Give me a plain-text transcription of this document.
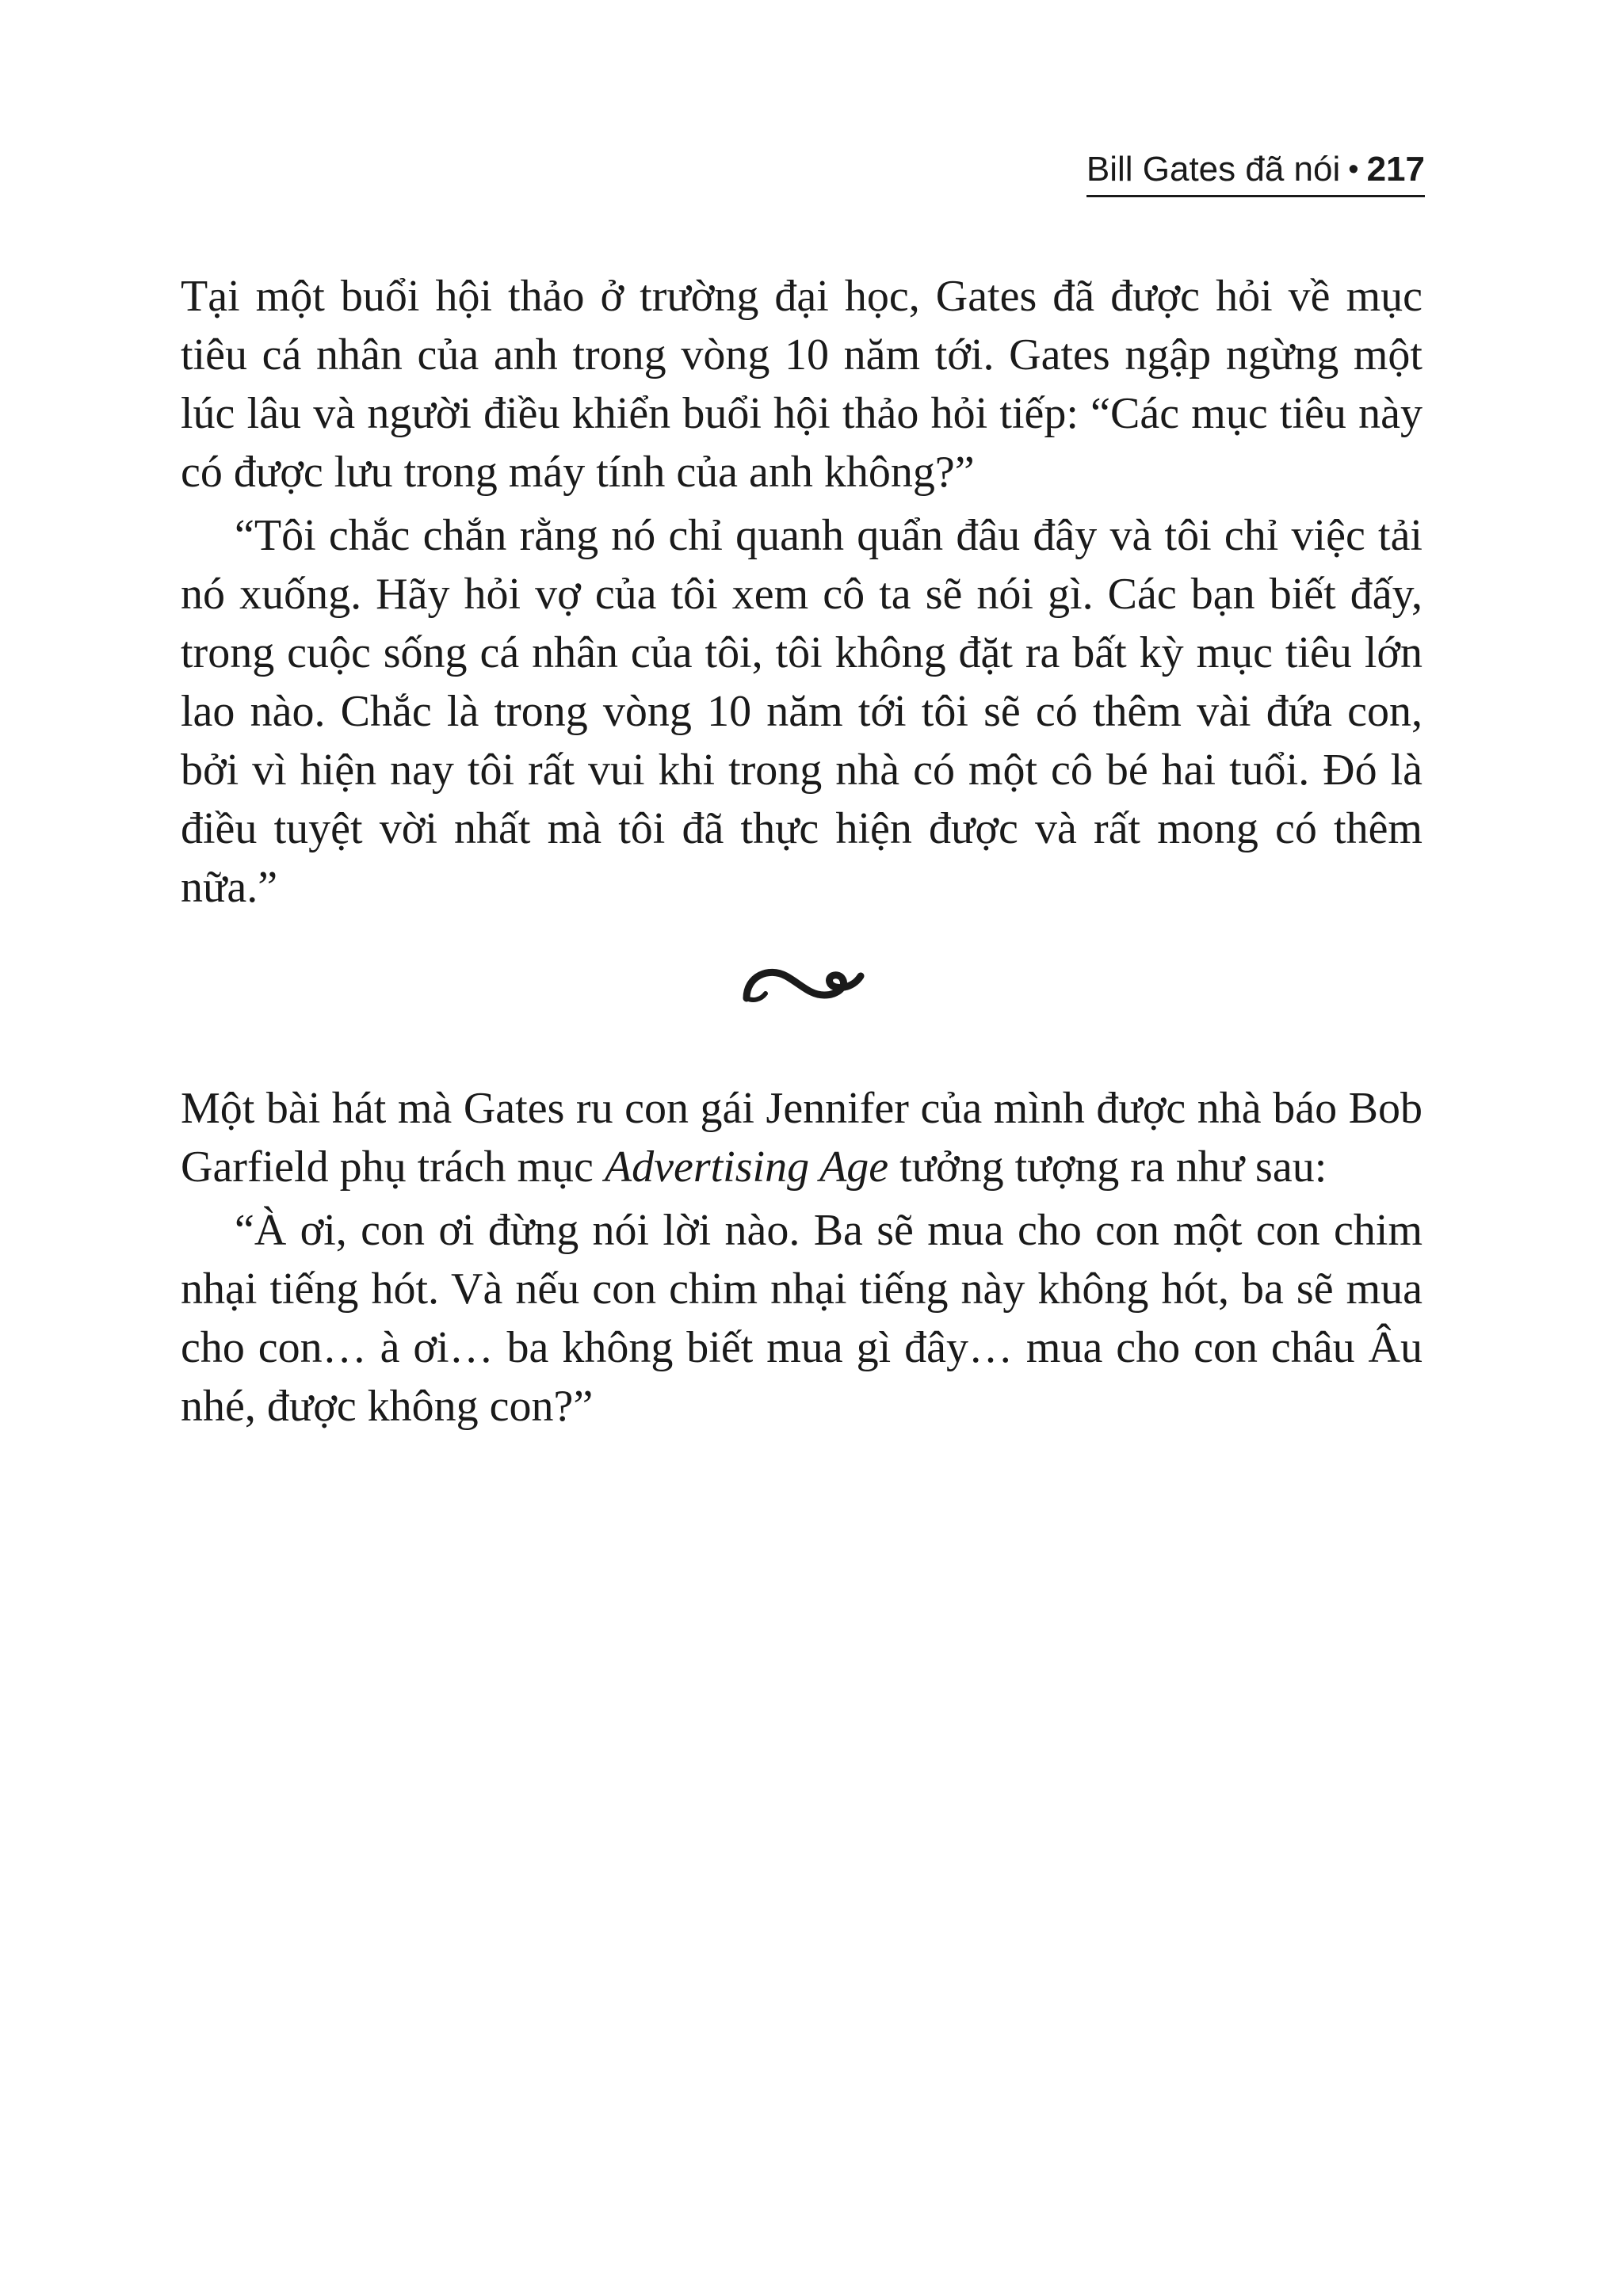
Bill Gates đã nói • 217

Tại một buổi hội thảo ở trường đại học, Gates đã được hỏi về mục tiêu cá nhân của anh trong vòng 10 năm tới. Gates ngập ngừng một lúc lâu và người điều khiển buổi hội thảo hỏi tiếp: “Các mục tiêu này có được lưu trong máy tính của anh không?”

“Tôi chắc chắn rằng nó chỉ quanh quẩn đâu đây và tôi chỉ việc tải nó xuống. Hãy hỏi vợ của tôi xem cô ta sẽ nói gì. Các bạn biết đấy, trong cuộc sống cá nhân của tôi, tôi không đặt ra bất kỳ mục tiêu lớn lao nào. Chắc là trong vòng 10 năm tới tôi sẽ có thêm vài đứa con, bởi vì hiện nay tôi rất vui khi trong nhà có một cô bé hai tuổi. Đó là điều tuyệt vời nhất mà tôi đã thực hiện được và rất mong có thêm nữa.”

Một bài hát mà Gates ru con gái Jennifer của mình được nhà báo Bob Garfield phụ trách mục Advertising Age tưởng tượng ra như sau:

“À ơi, con ơi đừng nói lời nào. Ba sẽ mua cho con một con chim nhại tiếng hót. Và nếu con chim nhại tiếng này không hót, ba sẽ mua cho con… à ơi… ba không biết mua gì đây… mua cho con châu Âu nhé, được không con?”
